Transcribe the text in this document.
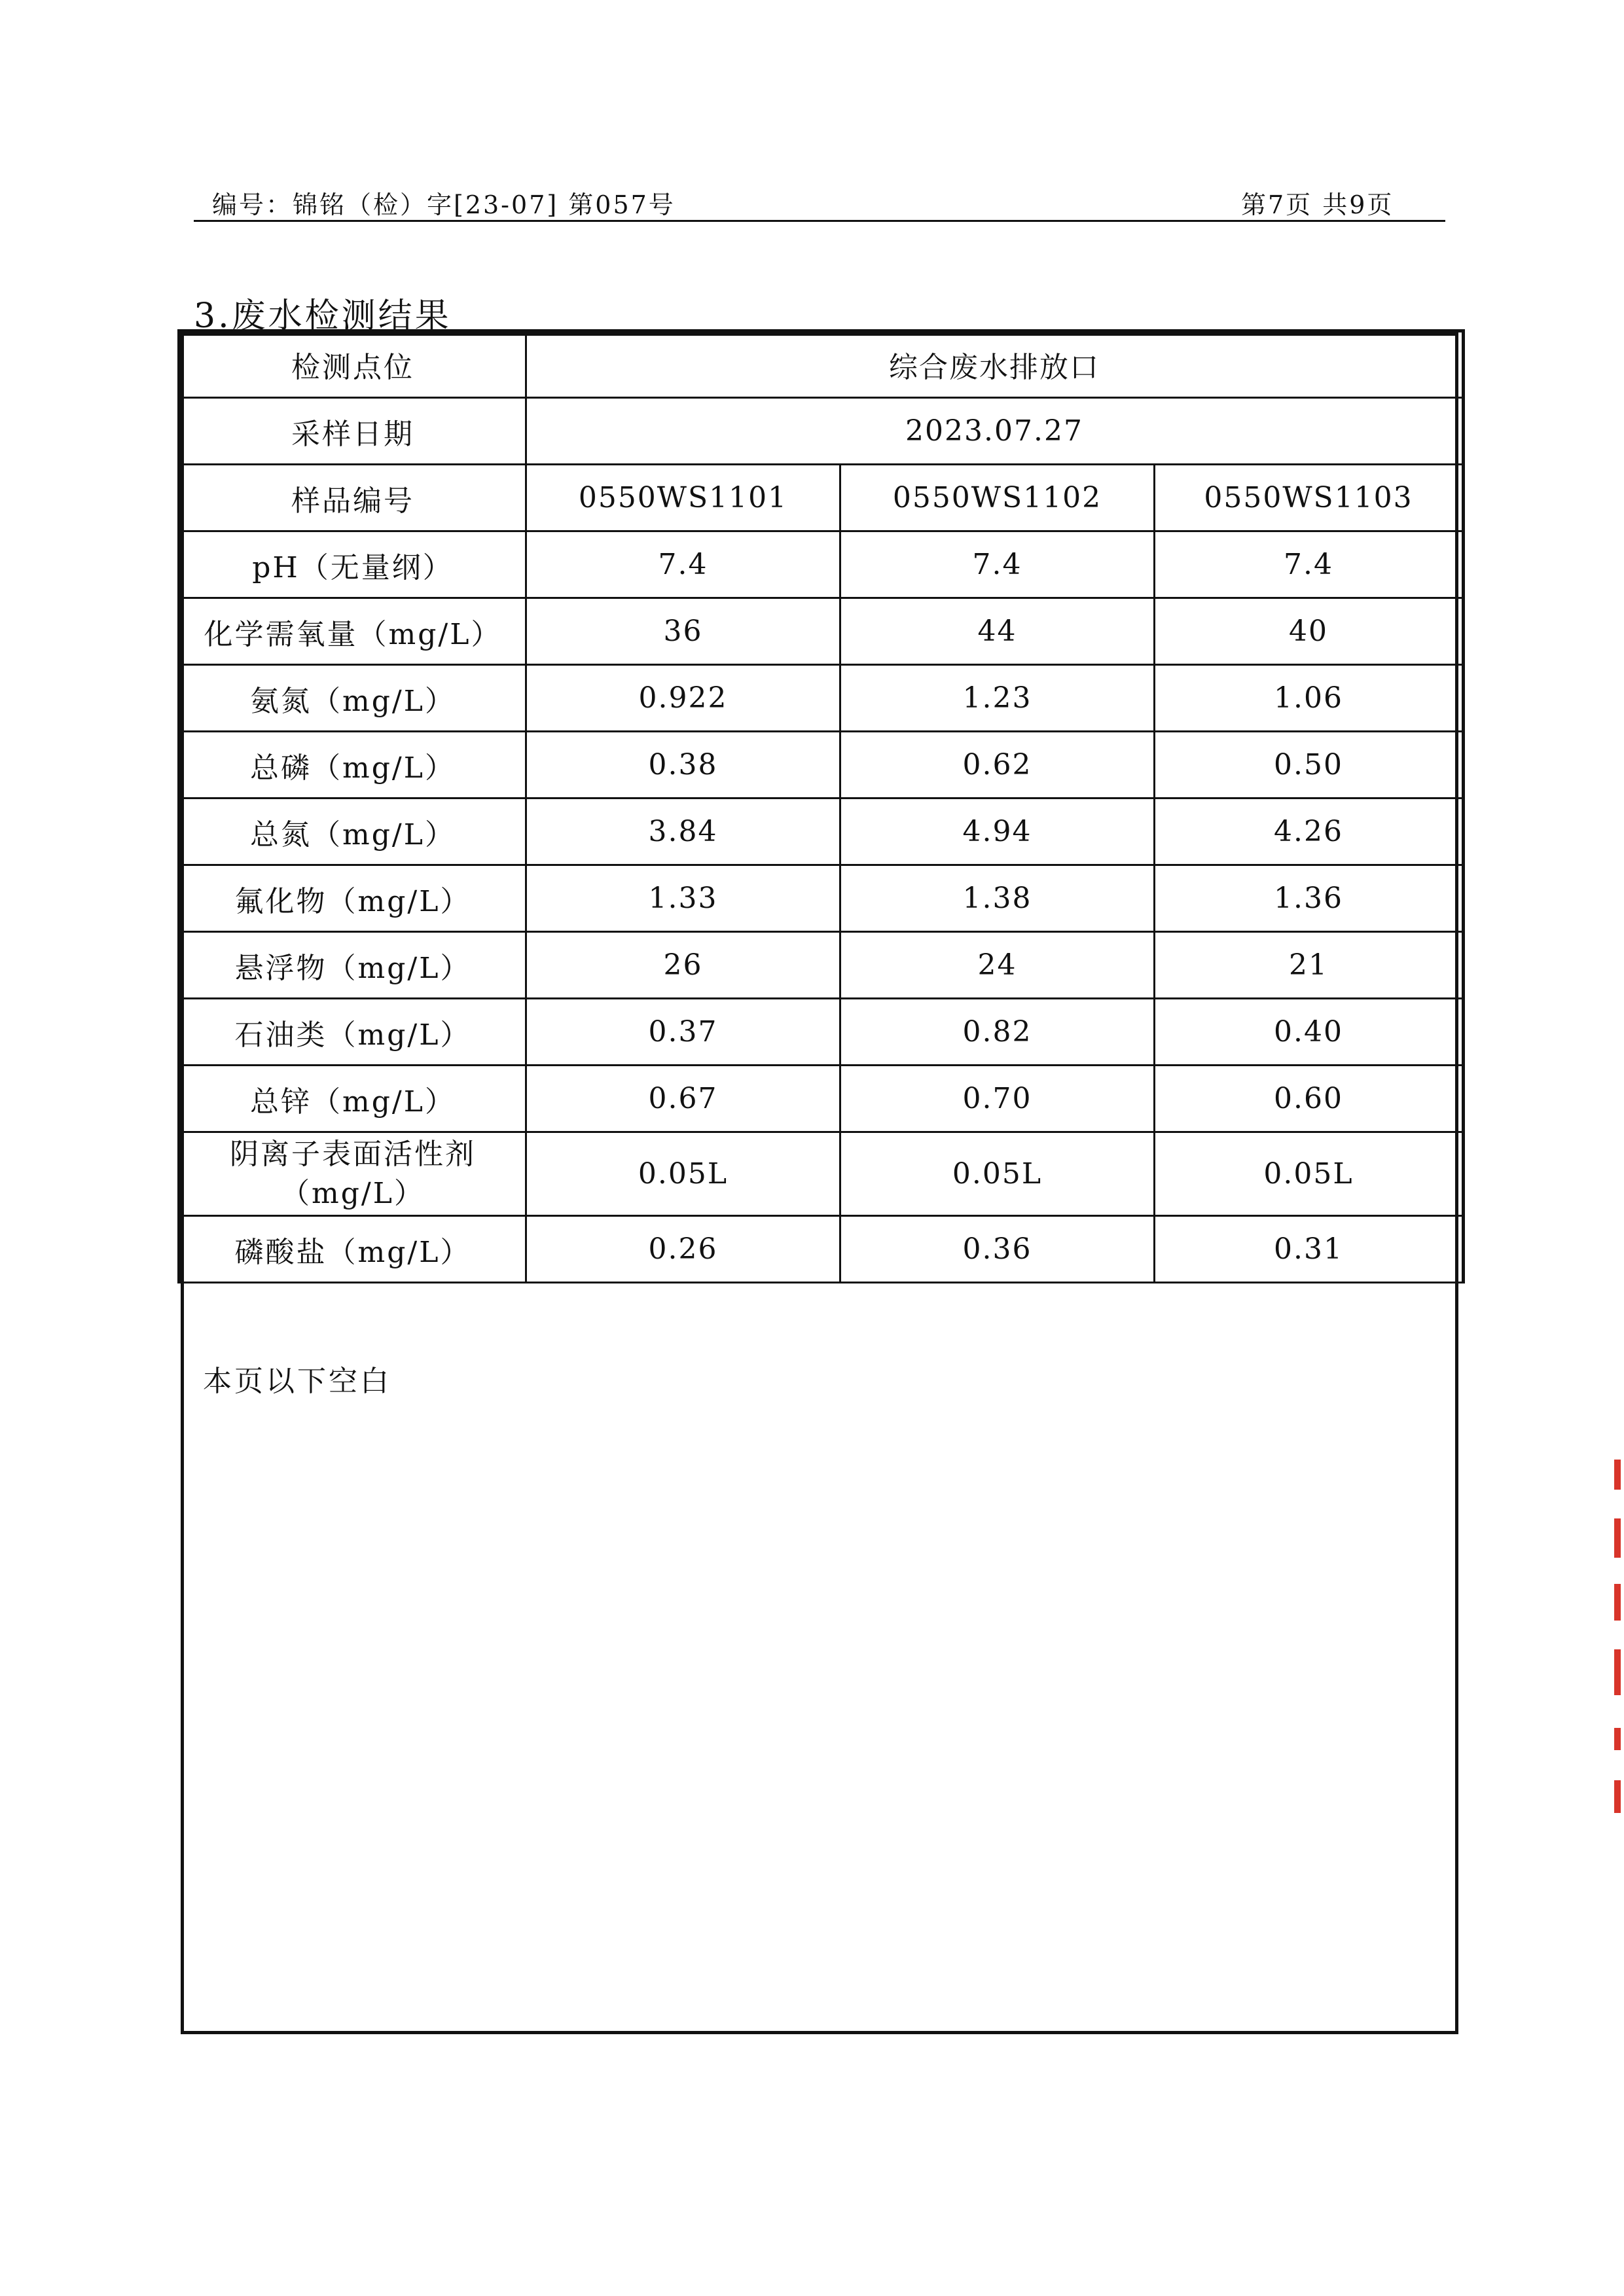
编号：锦铭（检）字[23-07] 第057号	第7页 共9页
3.废水检测结果
检测点位	综合废水排放口		
采样日期	2023.07.27		
样品编号	0550WS1101	0550WS1102	0550WS1103
pH（无量纲）	7.4	7.4	7.4
化学需氧量（mg/L）	36	44	40
氨氮（mg/L）	0.922	1.23	1.06
总磷（mg/L）	0.38	0.62	0.50
总氮（mg/L）	3.84	4.94	4.26
氟化物（mg/L）	1.33	1.38	1.36
悬浮物（mg/L）	26	24	21
石油类（mg/L）	0.37	0.82	0.40
总锌（mg/L）	0.67	0.70	0.60

阴离子表面活性剂
（mg/L）	0.05L	0.05L	0.05L
磷酸盐（mg/L）	0.26	0.36	0.31
本页以下空白
